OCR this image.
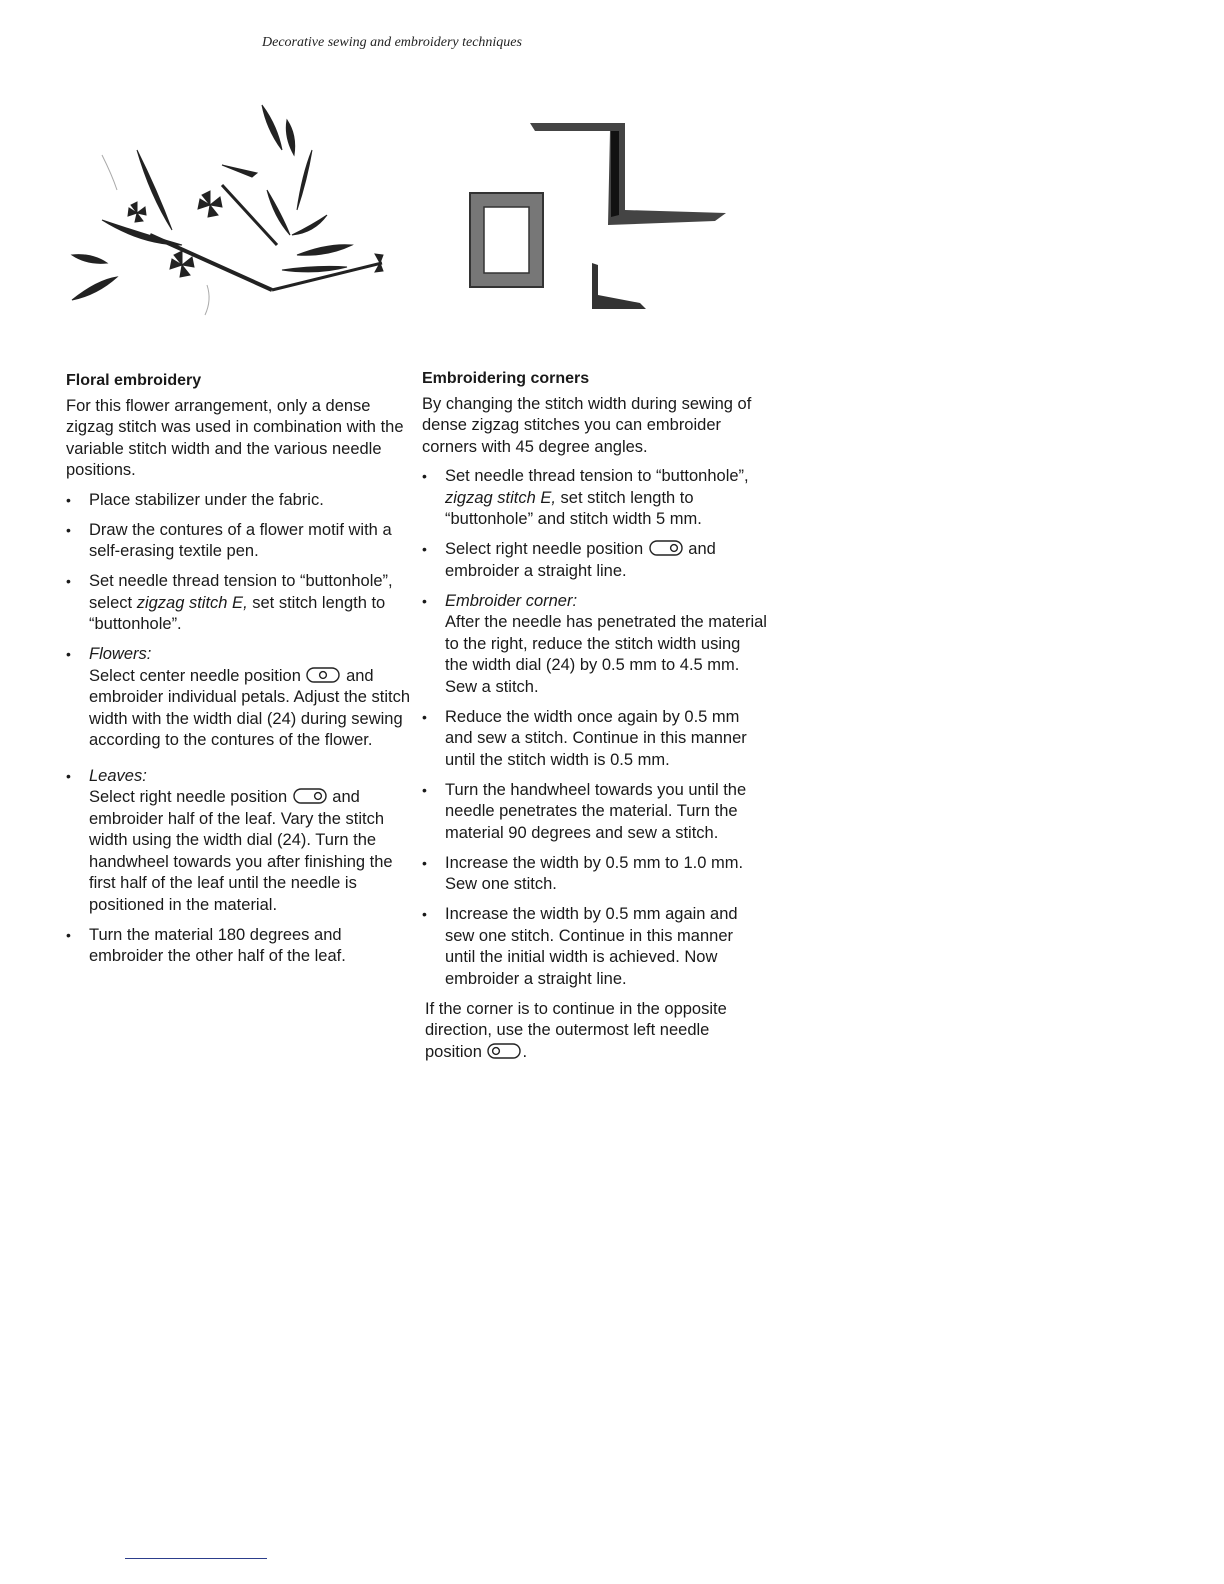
Decorative sewing and embroidery techniques
Floral embroidery

For this flower arrangement, only a dense zigzag stitch was used in combination with the variable stitch width and the various needle positions.

• Place stabilizer under the fabric.
• Draw the contures of a flower motif with a self-erasing textile pen.
• Set needle thread tension to “buttonhole”, select zigzag stitch E, set stitch length to “buttonhole”.
• Flowers:
Select center needle position  and embroider individual petals. Adjust the stitch width with the width dial (24) during sewing according to the contures of the flower.
• Leaves:
Select right needle position  and embroider half of the leaf. Vary the stitch width using the width dial (24). Turn the handwheel towards you after finishing the first half of the leaf until the needle is positioned in the material.
• Turn the material 180 degrees and embroider the other half of the leaf.
Embroidering corners

By changing the stitch width during sewing of dense zigzag stitches you can embroider corners with 45 degree angles.

• Set needle thread tension to “buttonhole”, zigzag stitch E, set stitch length to “buttonhole” and stitch width 5 mm.
• Select right needle position  and embroider a straight line.
• Embroider corner:
After the needle has penetrated the material to the right, reduce the stitch width using the width dial (24) by 0.5 mm to 4.5 mm. Sew a stitch.
• Reduce the width once again by 0.5 mm and sew a stitch. Continue in this manner until the stitch width is 0.5 mm.
• Turn the handwheel towards you until the needle penetrates the material. Turn the material 90 degrees and sew a stitch.
• Increase the width by 0.5 mm to 1.0 mm. Sew one stitch.
• Increase the width by 0.5 mm again and sew one stitch. Continue in this manner until the initial width is achieved. Now embroider a straight line.

If the corner is to continue in the opposite direction, use the outermost left needle position .
